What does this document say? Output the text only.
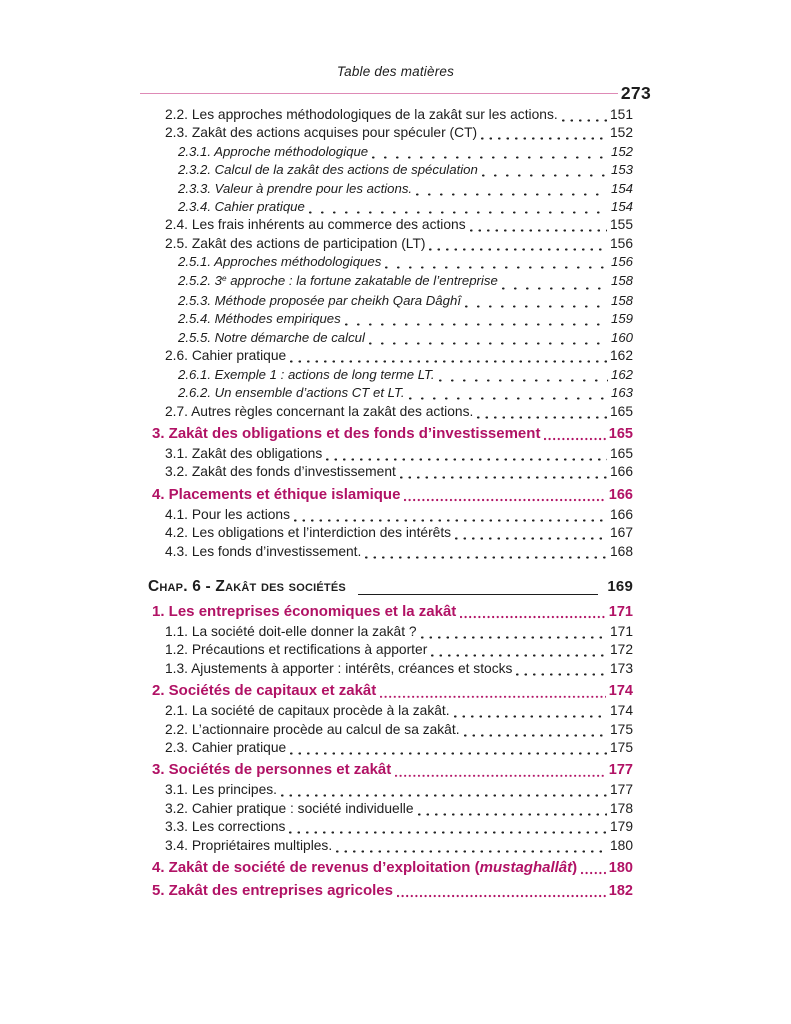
Table des matières
273
2.2. Les approches méthodologiques de la zakât sur les actions.	151
2.3. Zakât des actions acquises pour spéculer (CT)	152
2.3.1. Approche méthodologique	152
2.3.2. Calcul de la zakât des actions de spéculation	153
2.3.3. Valeur à prendre pour les actions.	154
2.3.4. Cahier pratique	154
2.4. Les frais inhérents au commerce des actions	155
2.5. Zakât des actions de participation (LT)	156
2.5.1. Approches méthodologiques	156
2.5.2. 3e approche : la fortune zakatable de l’entreprise	158
2.5.3. Méthode proposée par cheikh Qara Dâghî	158
2.5.4. Méthodes empiriques	159
2.5.5. Notre démarche de calcul	160
2.6. Cahier pratique	162
2.6.1. Exemple 1 : actions de long terme LT.	162
2.6.2. Un ensemble d’actions CT et LT.	163
2.7. Autres règles concernant la zakât des actions.	165
3. Zakât des obligations et des fonds d’investissement	165
3.1. Zakât des obligations	165
3.2. Zakât des fonds d’investissement	166
4. Placements et éthique islamique	166
4.1. Pour les actions	166
4.2. Les obligations et l’interdiction des intérêts	167
4.3. Les fonds d’investissement.	168
Chap. 6 - Zakât des sociétés	169
1. Les entreprises économiques et la zakât	171
1.1. La société doit-elle donner la zakât ?	171
1.2. Précautions et rectifications à apporter	172
1.3. Ajustements à apporter : intérêts, créances et stocks	173
2. Sociétés de capitaux et zakât	174
2.1. La société de capitaux procède à la zakât.	174
2.2. L’actionnaire procède au calcul de sa zakât.	175
2.3. Cahier pratique	175
3. Sociétés de personnes et zakât	177
3.1. Les principes.	177
3.2. Cahier pratique : société individuelle	178
3.3. Les corrections	179
3.4. Propriétaires multiples.	180
4. Zakât de société de revenus d’exploitation (mustaghallât) 180
5. Zakât des entreprises agricoles	182
